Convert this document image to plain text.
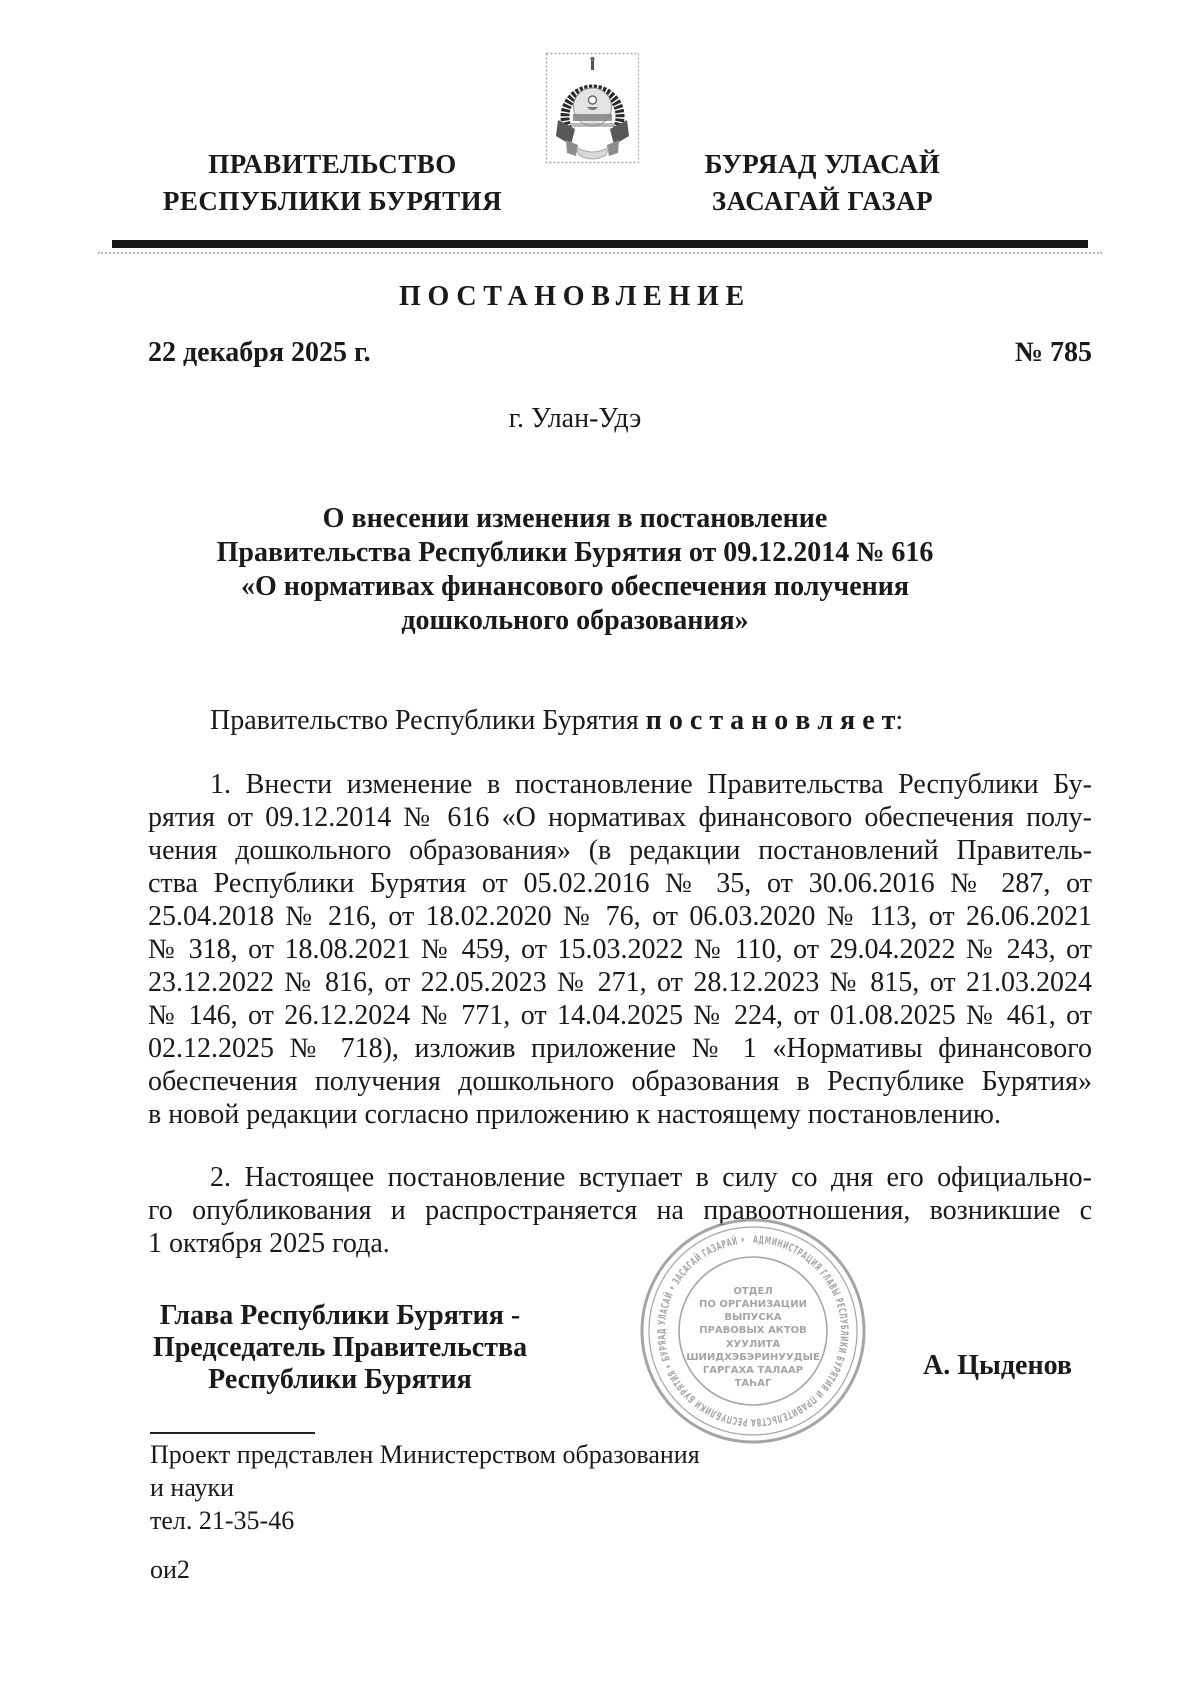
ПРАВИТЕЛЬСТВО
РЕСПУБЛИКИ БУРЯТИЯ
БУРЯАД УЛАСАЙ
ЗАСАГАЙ ГАЗАР
ПОСТАНОВЛЕНИЕ
22 декабря 2025 г.	№ 785
г. Улан-Удэ
О внесении изменения в постановление
Правительства Республики Бурятия от 09.12.2014 № 616
«О нормативах финансового обеспечения получения
дошкольного образования»
Правительство Республики Бурятия п о с т а н о в л я е т:
1. Внести изменение в постановление Правительства Республики Бу-
рятия от 09.12.2014 № 616 «О нормативах финансового обеспечения полу-
чения дошкольного образования» (в редакции постановлений Правитель-
ства Республики Бурятия от 05.02.2016 № 35, от 30.06.2016 № 287, от
25.04.2018 № 216, от 18.02.2020 № 76, от 06.03.2020 № 113, от 26.06.2021
№ 318, от 18.08.2021 № 459, от 15.03.2022 № 110, от 29.04.2022 № 243, от
23.12.2022 № 816, от 22.05.2023 № 271, от 28.12.2023 № 815, от 21.03.2024
№ 146, от 26.12.2024 № 771, от 14.04.2025 № 224, от 01.08.2025 № 461, от
02.12.2025 № 718), изложив приложение № 1 «Нормативы финансового
обеспечения получения дошкольного образования в Республике Бурятия»
в новой редакции согласно приложению к настоящему постановлению.
2. Настоящее постановление вступает в силу со дня его официально-
го опубликования и распространяется на правоотношения, возникшие с
1 октября 2025 года.
Глава Республики Бурятия -
Председатель Правительства
Республики Бурятия	А. Цыденов
АДМИНИСТРАЦИЯ ГЛАВЫ РЕСПУБЛИКИ БУРЯТИЯ И ПРАВИТЕЛЬСТВА РЕСПУБЛИКИ БУРЯТИЯ • БУРЯАД УЛАСАЙ • ЗАСАГАЙ ГАЗАРАЙ •
ОТДЕЛ
ПО ОРГАНИЗАЦИИ
ВЫПУСКА
ПРАВОВЫХ АКТОВ
ХУУЛИТА
ШИИДХЭБЭРИНУУДЫЕ
ГАРГАХА ТАЛААР
ТАҺАГ
Проект представлен Министерством образования
и науки
тел. 21-35-46
ои2
